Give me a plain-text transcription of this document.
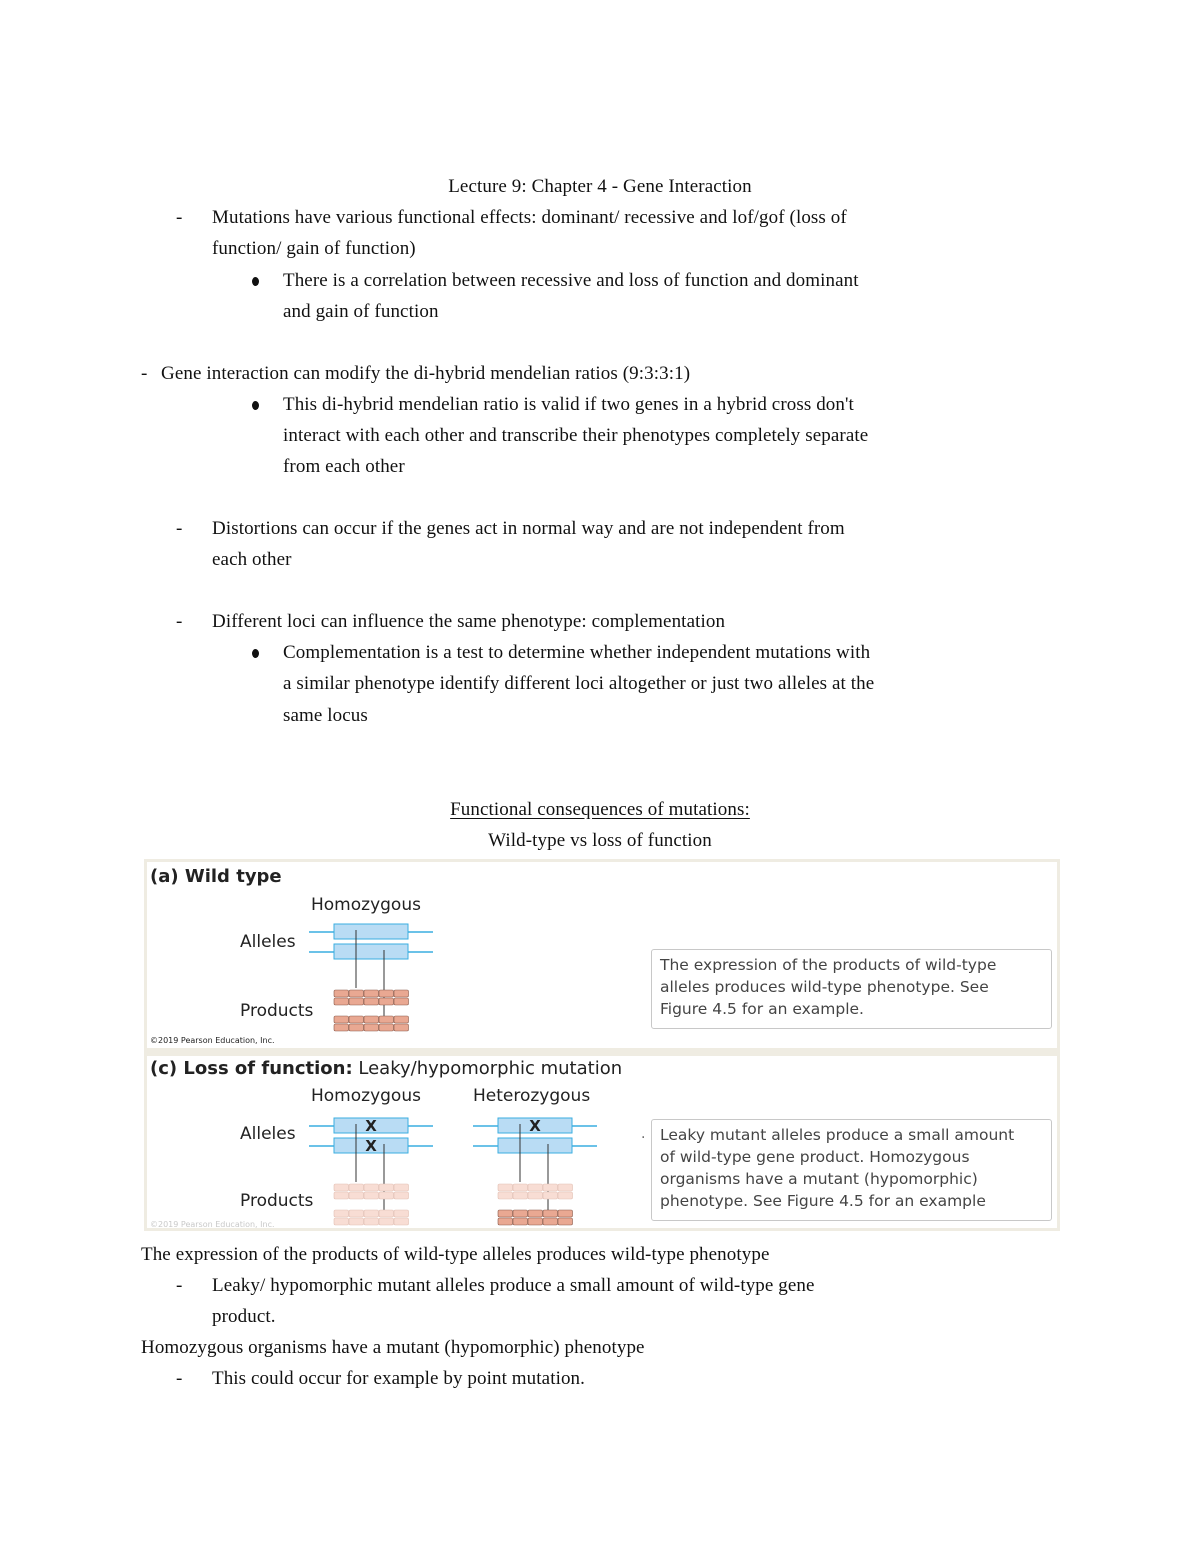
Lecture 9: Chapter 4 - Gene Interaction
- Mutations have various functional effects: dominant/ recessive and lof/gof (loss of
function/ gain of function)
There is a correlation between recessive and loss of function and dominant
and gain of function
- Gene interaction can modify the di-hybrid mendelian ratios (9:3:3:1)
This di-hybrid mendelian ratio is valid if two genes in a hybrid cross don't
interact with each other and transcribe their phenotypes completely separate
from each other
- Distortions can occur if the genes act in normal way and are not independent from
each other
- Different loci can influence the same phenotype: complementation
Complementation is a test to determine whether independent mutations with
a similar phenotype identify different loci altogether or just two alleles at the
same locus
Functional consequences of mutations:
Wild-type vs loss of function
(a) Wild type
Homozygous
Alleles
Products
The expression of the products of wild-type
alleles produces wild-type phenotype. See
Figure 4.5 for an example.
©2019 Pearson Education, Inc.
(c) Loss of function: Leaky/hypomorphic mutation
Homozygous	Heterozygous
Alleles
Products
X
X
X	. Leaky mutant alleles produce a small amount
of wild-type gene product. Homozygous
organisms have a mutant (hypomorphic)
phenotype. See Figure 4.5 for an example
©2019 Pearson Education, Inc.
The expression of the products of wild-type alleles produces wild-type phenotype
- Leaky/ hypomorphic mutant alleles produce a small amount of wild-type gene
product.
Homozygous organisms have a mutant (hypomorphic) phenotype
- This could occur for example by point mutation.
